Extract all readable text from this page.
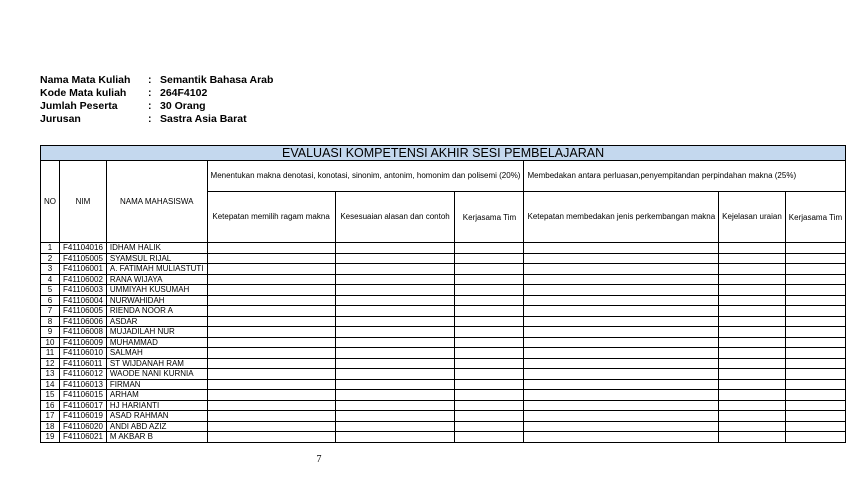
Nama Mata Kuliah	: Semantik Bahasa Arab
Kode Mata kuliah	: 264F4102
Jumlah Peserta	: 30 Orang
Jurusan	: Sastra Asia Barat
EVALUASI KOMPETENSI AKHIR SESI PEMBELAJARAN								
NO	NIM	NAMA MAHASISWA	Menentukan makna denotasi, konotasi, sinonim, antonim, homonim dan polisemi (20%)			Membedakan antara perluasan,penyempitandan perpindahan makna (25%)		
			Ketepatan memilih ragam makna	Kesesuaian alasan dan contoh	Kerjasama Tim	Ketepatan membedakan jenis perkembangan makna	Kejelasan uraian	Kerjasama Tim
1	F41104016	IDHAM HALIK						
2	F41105005	SYAMSUL RIJAL						
3	F41106001	A. FATIMAH MULIASTUTI						
4	F41106002	RANA WIJAYA						
5	F41106003	UMMIYAH KUSUMAH						
6	F41106004	NURWAHIDAH						
7	F41106005	RIENDA NOOR A						
8	F41106006	ASDAR						
9	F41106008	MUJADILAH NUR						
10	F41106009	MUHAMMAD						
11	F41106010	SALMAH						
12	F41106011	ST WIJDANAH RAM						
13	F41106012	WAODE NANI KURNIA						
14	F41106013	FIRMAN						
15	F41106015	ARHAM						
16	F41106017	HJ HARIANTI						
17	F41106019	ASAD RAHMAN						
18	F41106020	ANDI ABD AZIZ						
19	F41106021	M AKBAR B						
7
